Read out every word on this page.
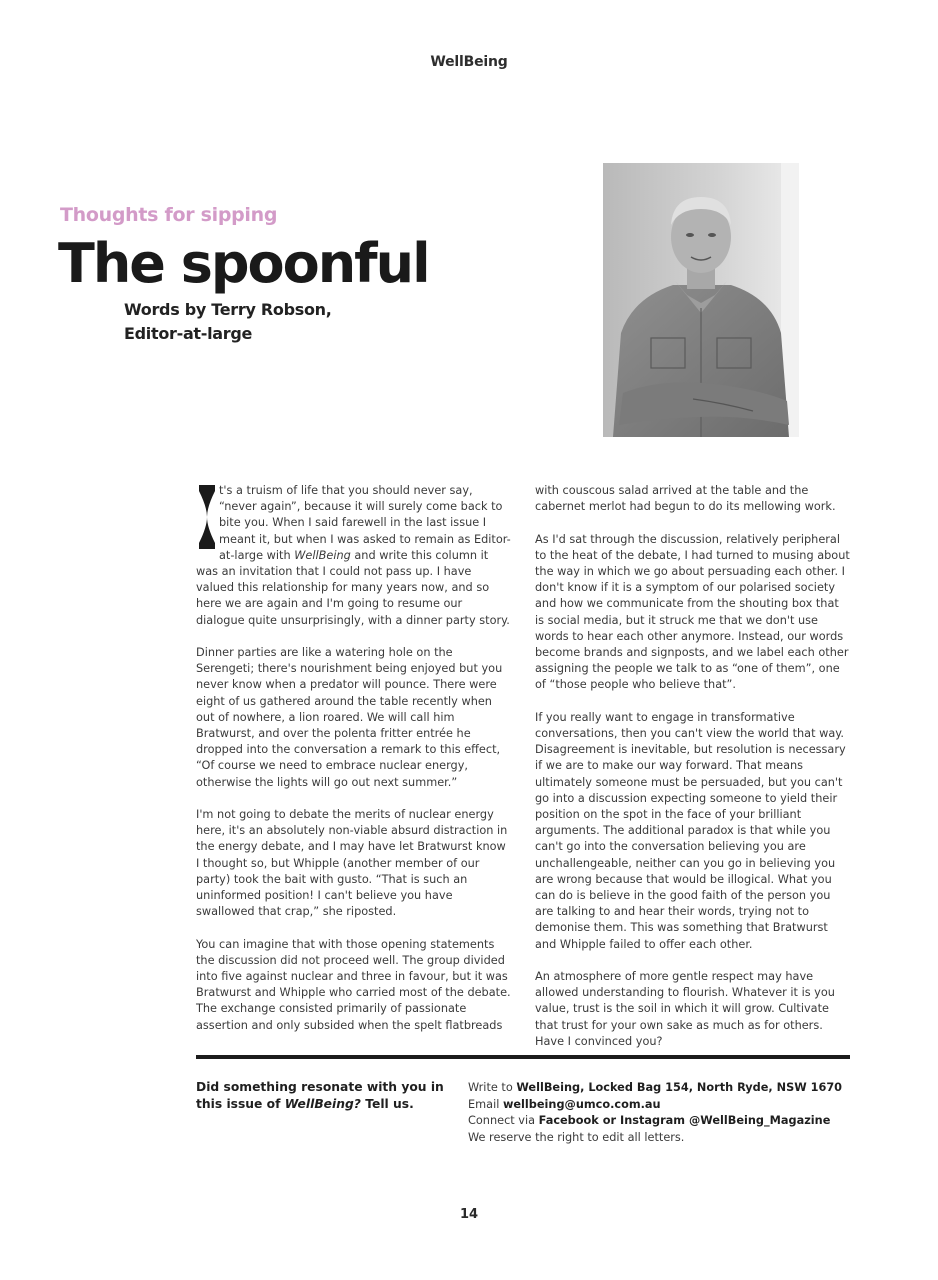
WellBeing
Thoughts for sipping
The spoonful
Words by Terry Robson,
Editor-at-large

t's a truism of life that you should never say, “never again”, because it will surely come back to bite you. When I said farewell in the last issue I meant it, but when I was asked to remain as Editor-at-large with WellBeing and write this column it was an invitation that I could not pass up. I have valued this relationship for many years now, and so here we are again and I'm going to resume our dialogue quite unsurprisingly, with a dinner party story.

Dinner parties are like a watering hole on the Serengeti; there's nourishment being enjoyed but you never know when a predator will pounce. There were eight of us gathered around the table recently when out of nowhere, a lion roared. We will call him Bratwurst, and over the polenta fritter entrée he dropped into the conversation a remark to this effect, “Of course we need to embrace nuclear energy, otherwise the lights will go out next summer.”

I'm not going to debate the merits of nuclear energy here, it's an absolutely non-viable absurd distraction in the energy debate, and I may have let Bratwurst know I thought so, but Whipple (another member of our party) took the bait with gusto. “That is such an uninformed position! I can't believe you have swallowed that crap,” she riposted.

You can imagine that with those opening statements the discussion did not proceed well. The group divided into five against nuclear and three in favour, but it was Bratwurst and Whipple who carried most of the debate. The exchange consisted primarily of passionate assertion and only subsided when the spelt flatbreads

with couscous salad arrived at the table and the cabernet merlot had begun to do its mellowing work.

As I'd sat through the discussion, relatively peripheral to the heat of the debate, I had turned to musing about the way in which we go about persuading each other. I don't know if it is a symptom of our polarised society and how we communicate from the shouting box that is social media, but it struck me that we don't use words to hear each other anymore. Instead, our words become brands and signposts, and we label each other assigning the people we talk to as “one of them”, one of “those people who believe that”.

If you really want to engage in transformative conversations, then you can't view the world that way. Disagreement is inevitable, but resolution is necessary if we are to make our way forward. That means ultimately someone must be persuaded, but you can't go into a discussion expecting someone to yield their position on the spot in the face of your brilliant arguments. The additional paradox is that while you can't go into the conversation believing you are unchallengeable, neither can you go in believing you are wrong because that would be illogical. What you can do is believe in the good faith of the person you are talking to and hear their words, trying not to demonise them. This was something that Bratwurst and Whipple failed to offer each other.

An atmosphere of more gentle respect may have allowed understanding to flourish. Whatever it is you value, trust is the soil in which it will grow. Cultivate that trust for your own sake as much as for others. Have I convinced you?

Did something resonate with you in this issue of WellBeing? Tell us.
Write to WellBeing, Locked Bag 154, North Ryde, NSW 1670
Email wellbeing@umco.com.au
Connect via Facebook or Instagram @WellBeing_Magazine
We reserve the right to edit all letters.
14
